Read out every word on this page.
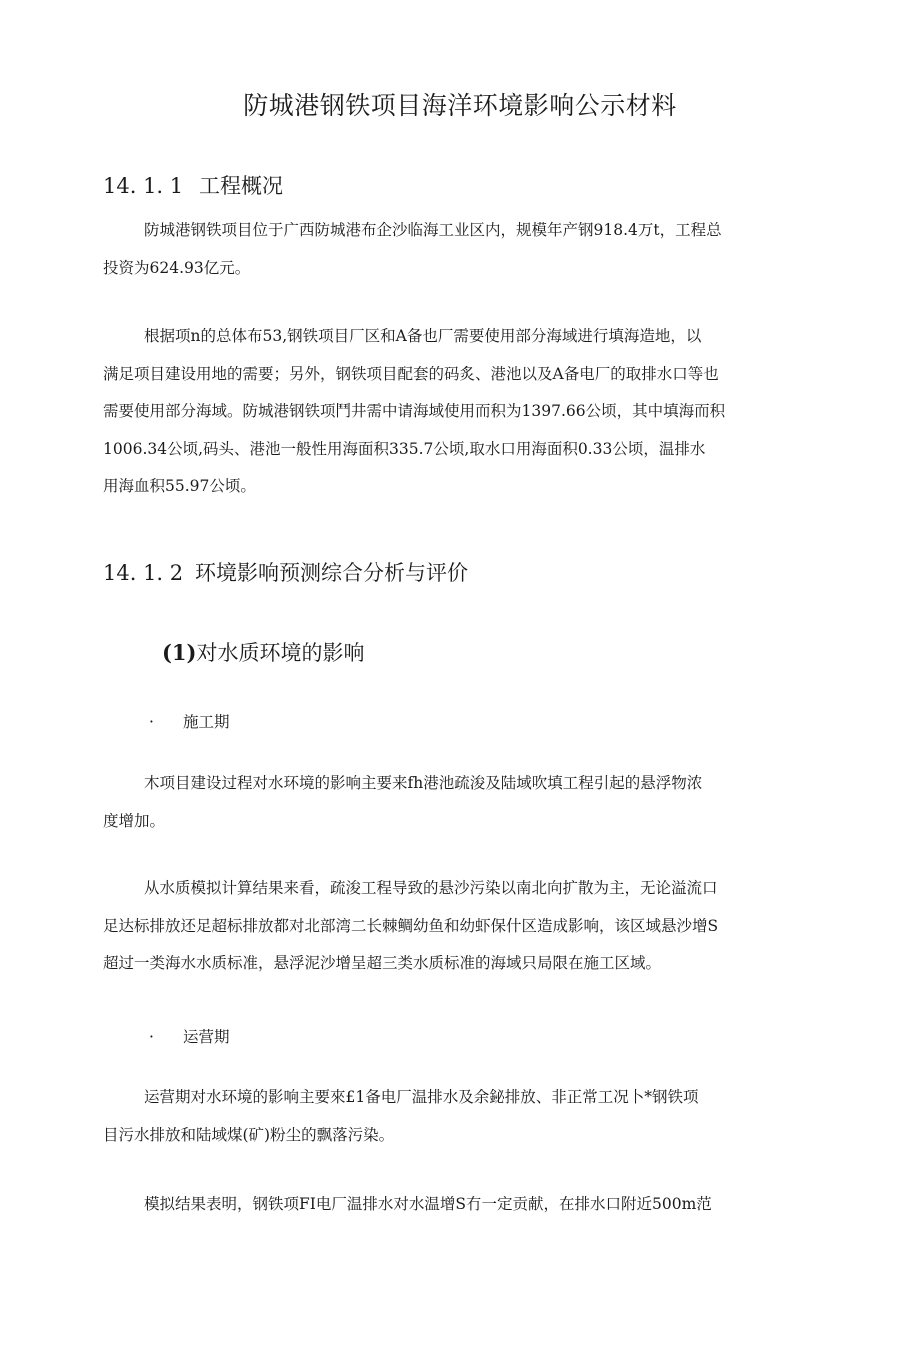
防城港钢铁项目海洋环境影响公示材料
14. 1. 1 工程概况

防城港钢铁项目位于广西防城港布企沙临海工业区内，规模年产钢918.4万t，工程总
投资为624.93亿元。

根据项n的总体布53,钢铁项目厂区和A备也厂需要使用部分海域进行填海造地，以
满足项目建设用地的需要；另外，钢铁项目配套的码炙、港池以及A备电厂的取排水口等也
需要使用部分海域。防城港钢铁项鬥井需中请海域使用而积为1397.66公顷，其中填海而积
1006.34公顷,码头、港池一般性用海面积335.7公顷,取水口用海面积0.33公顷，温排水
用海血积55.97公顷。

14. 1. 2 环境影响预测综合分析与评价
(1)对水质环境的影响
· 施工期

木项目建设过程对水环境的影响主要来fh港池疏浚及陆域吹填工程引起的悬浮物浓
度增加。

从水质模拟计算结果来看，疏浚工程导致的悬沙污染以南北向扩散为主，无论溢流口
足达标排放还足超标排放都对北部湾二长棘鲷幼鱼和幼虾保什区造成影响，该区域悬沙增S
超过一类海水水质标准，悬浮泥沙增呈超三类水质标准的海域只局限在施工区域。

· 运营期

运营期对水环境的影响主要來£1备电厂温排水及余鉍排放、非正常工况卜*钢铁项
目污水排放和陆域煤(矿)粉尘的飘落污染。

模拟结果表明，钢铁项FI电厂温排水对水温增S冇一定贡献，在排水口附近500m范
